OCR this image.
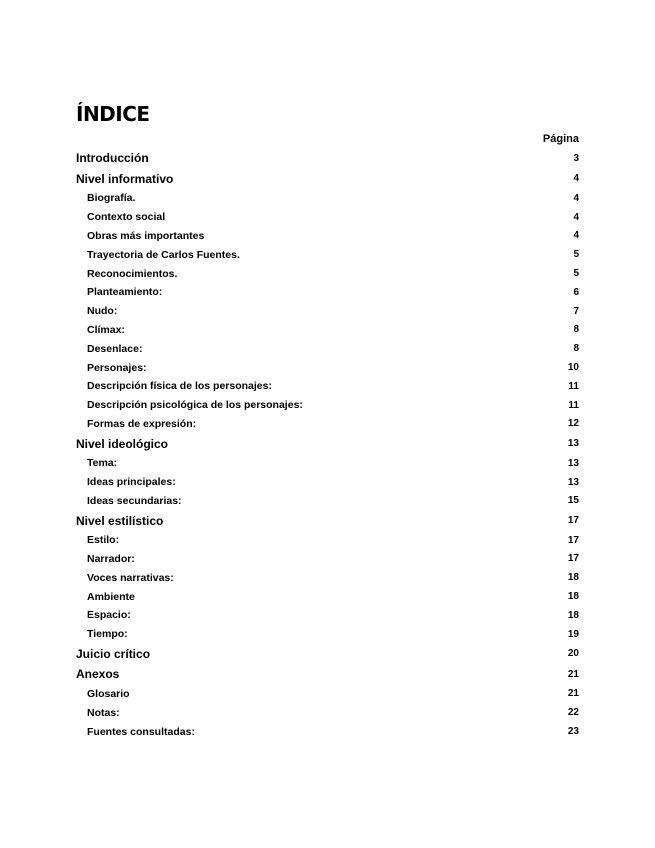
ÍNDICE
Página
Introducción	3
Nivel informativo	4
Biografía.	4
Contexto social	4
Obras más importantes	4
Trayectoria de Carlos Fuentes.	5
Reconocimientos.	5
Planteamiento:	6
Nudo:	7
Clímax:	8
Desenlace:	8
Personajes:	10
Descripción física de los personajes:	11
Descripción psicológica de los personajes:	11
Formas de expresión:	12
Nivel ideológico	13
Tema:	13
Ideas principales:	13
Ideas secundarias:	15
Nivel estilístico	17
Estilo:	17
Narrador:	17
Voces narrativas:	18
Ambiente	18
Espacio:	18
Tiempo:	19
Juicio crítico	20
Anexos	21
Glosario	21
Notas:	22
Fuentes consultadas:	23
